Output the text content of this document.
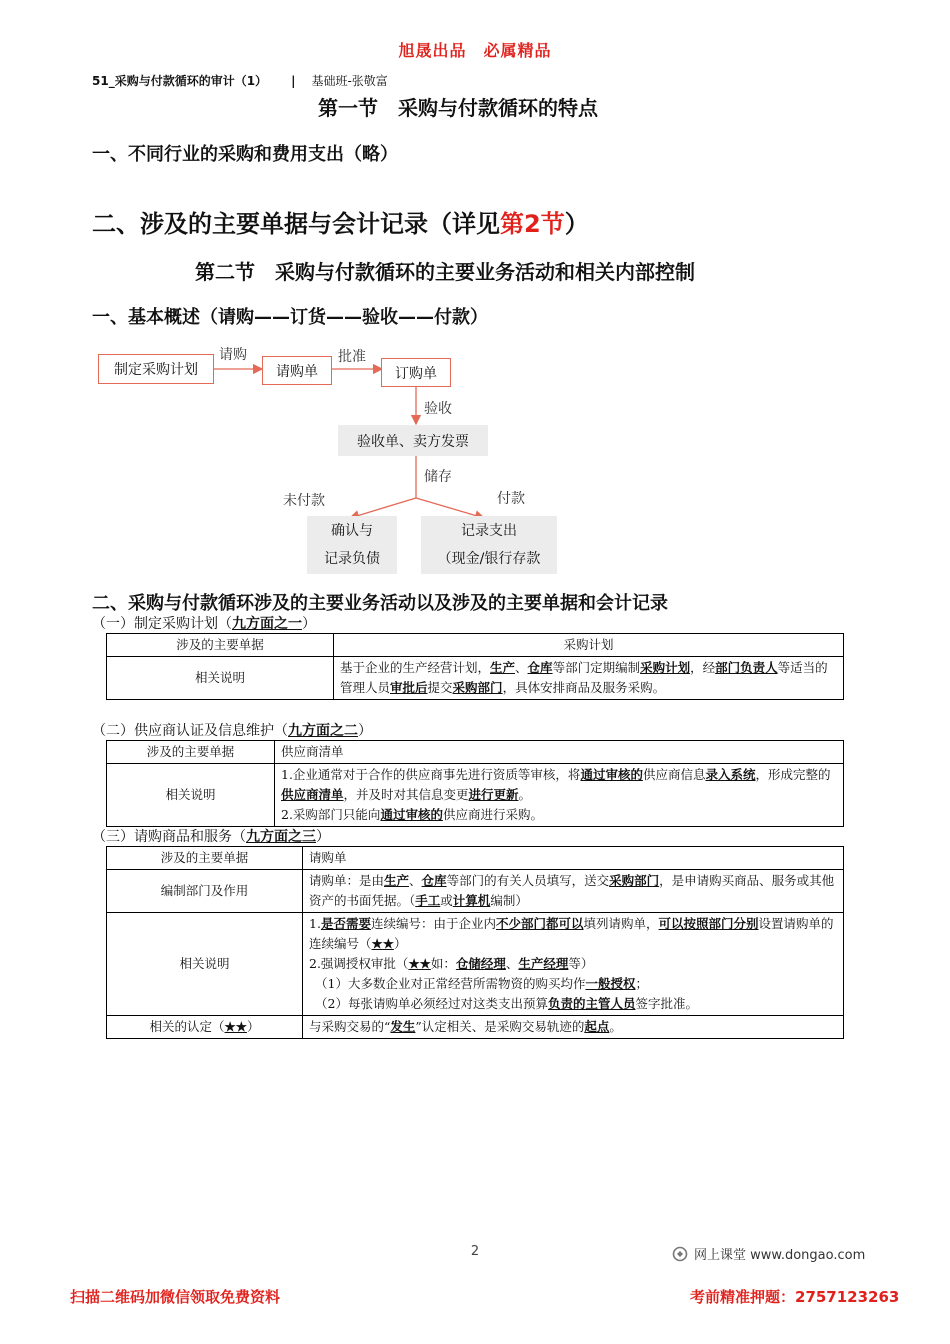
旭晟出品　必属精品
51_采购与付款循环的审计（1） | 基础班-张敬富
第一节　采购与付款循环的特点
一、不同行业的采购和费用支出（略）
二、涉及的主要单据与会计记录（详见第2节）
第二节　采购与付款循环的主要业务活动和相关内部控制
一、基本概述（请购——订货——验收——付款）
制定采购计划	请购单	订购单
验收单、卖方发票
确认与
记录负债
记录支出
（现金/银行存款
请购	批准
验收
储存
未付款	付款
二、采购与付款循环涉及的主要业务活动以及涉及的主要单据和会计记录
（一）制定采购计划（九方面之一）
涉及的主要单据	采购计划
相关说明	基于企业的生产经营计划，生产、仓库等部门定期编制采购计划，经部门负责人等适当的管理人员审批后提交采购部门，具体安排商品及服务采购。
（二）供应商认证及信息维护（九方面之二）
涉及的主要单据	供应商清单
相关说明	1.企业通常对于合作的供应商事先进行资质等审核，将通过审核的供应商信息录入系统，形成完整的供应商清单，并及时对其信息变更进行更新。
2.采购部门只能向通过审核的供应商进行采购。
（三）请购商品和服务（九方面之三）
涉及的主要单据	请购单
编制部门及作用	请购单：是由生产、仓库等部门的有关人员填写，送交采购部门，是申请购买商品、服务或其他资产的书面凭据。（手工或计算机编制）
相关说明	1.是否需要连续编号：由于企业内不少部门都可以填列请购单，可以按照部门分别设置请购单的连续编号（★★）
2.强调授权审批（★★如：仓储经理、生产经理等）
（1）大多数企业对正常经营所需物资的购买均作一般授权；
（2）每张请购单必须经过对这类支出预算负责的主管人员签字批准。

相关的认定（★★）	与采购交易的“发生”认定相关、是采购交易轨迹的起点。
2	网上课堂 www.dongao.com
扫描二维码加微信领取免费资料	考前精准押题：2757123263
